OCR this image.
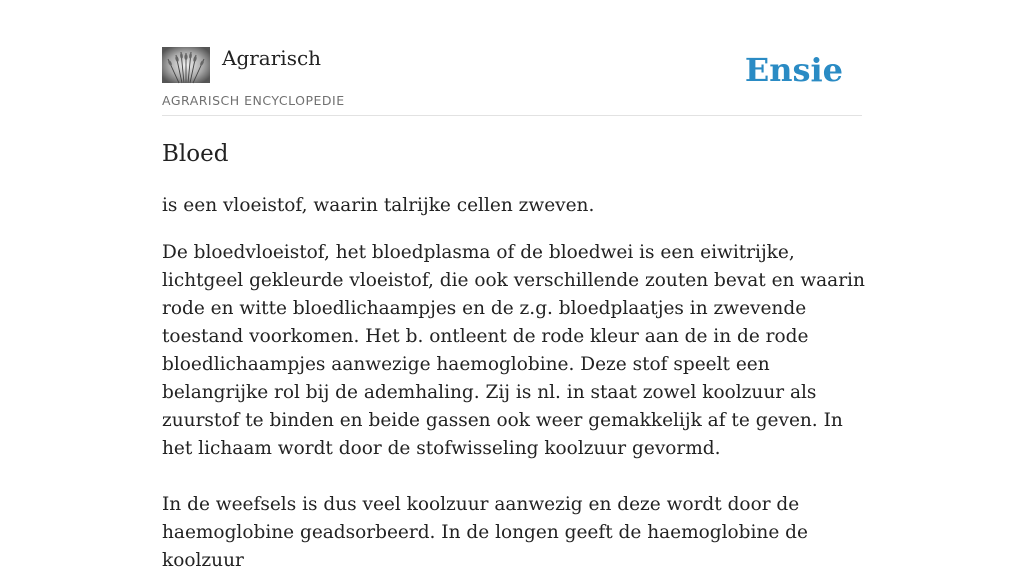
Agrarisch
AGRARISCH ENCYCLOPEDIE
Ensie
Bloed

is een vloeistof, waarin talrijke cellen zweven.

De bloedvloeistof, het bloedplasma of de bloedwei is een eiwitrijke, lichtgeel gekleurde vloeistof, die ook verschillende zouten bevat en waarin rode en witte bloedlichaampjes en de z.g. bloedplaatjes in zwevende toestand voorkomen. Het b. ontleent de rode kleur aan de in de rode bloedlichaampjes aanwezige haemoglobine. Deze stof speelt een belangrijke rol bij de ademhaling. Zij is nl. in staat zowel koolzuur als zuurstof te binden en beide gassen ook weer gemakkelijk af te geven. In het lichaam wordt door de stofwisseling koolzuur gevormd.

In de weefsels is dus veel koolzuur aanwezig en deze wordt door de haemoglobine geadsorbeerd. In de longen geeft de haemoglobine de koolzuur
